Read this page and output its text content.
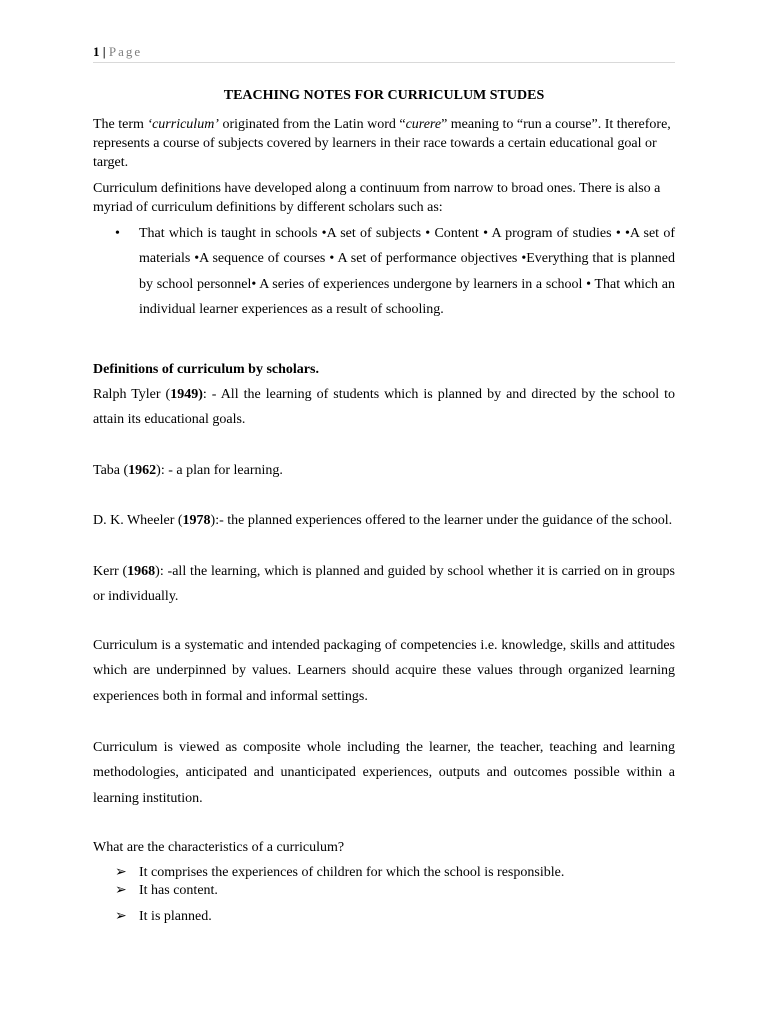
1 | Page
TEACHING NOTES FOR CURRICULUM STUDES

The term ‘curriculum’ originated from the Latin word “curere” meaning to “run a course”. It therefore, represents a course of subjects covered by learners in their race towards a certain educational goal or target.

Curriculum definitions have developed along a continuum from narrow to broad ones. There is also a myriad of curriculum definitions by different scholars such as:

• That which is taught in schools •A set of subjects • Content • A program of studies • •A set of materials •A sequence of courses • A set of performance objectives •Everything that is planned by school personnel• A series of experiences undergone by learners in a school • That which an individual learner experiences as a result of schooling.

Definitions of curriculum by scholars.

Ralph Tyler (1949): - All the learning of students which is planned by and directed by the school to attain its educational goals.

Taba (1962): - a plan for learning.

D. K. Wheeler (1978):- the planned experiences offered to the learner under the guidance of the school.

Kerr (1968): -all the learning, which is planned and guided by school whether it is carried on in groups or individually.

Curriculum is a systematic and intended packaging of competencies i.e. knowledge, skills and attitudes which are underpinned by values. Learners should acquire these values through organized learning experiences both in formal and informal settings.

Curriculum is viewed as composite whole including the learner, the teacher, teaching and learning methodologies, anticipated and unanticipated experiences, outputs and outcomes possible within a learning institution.

What are the characteristics of a curriculum?

➢ It comprises the experiences of children for which the school is responsible.
➢ It has content.
➢ It is planned.
